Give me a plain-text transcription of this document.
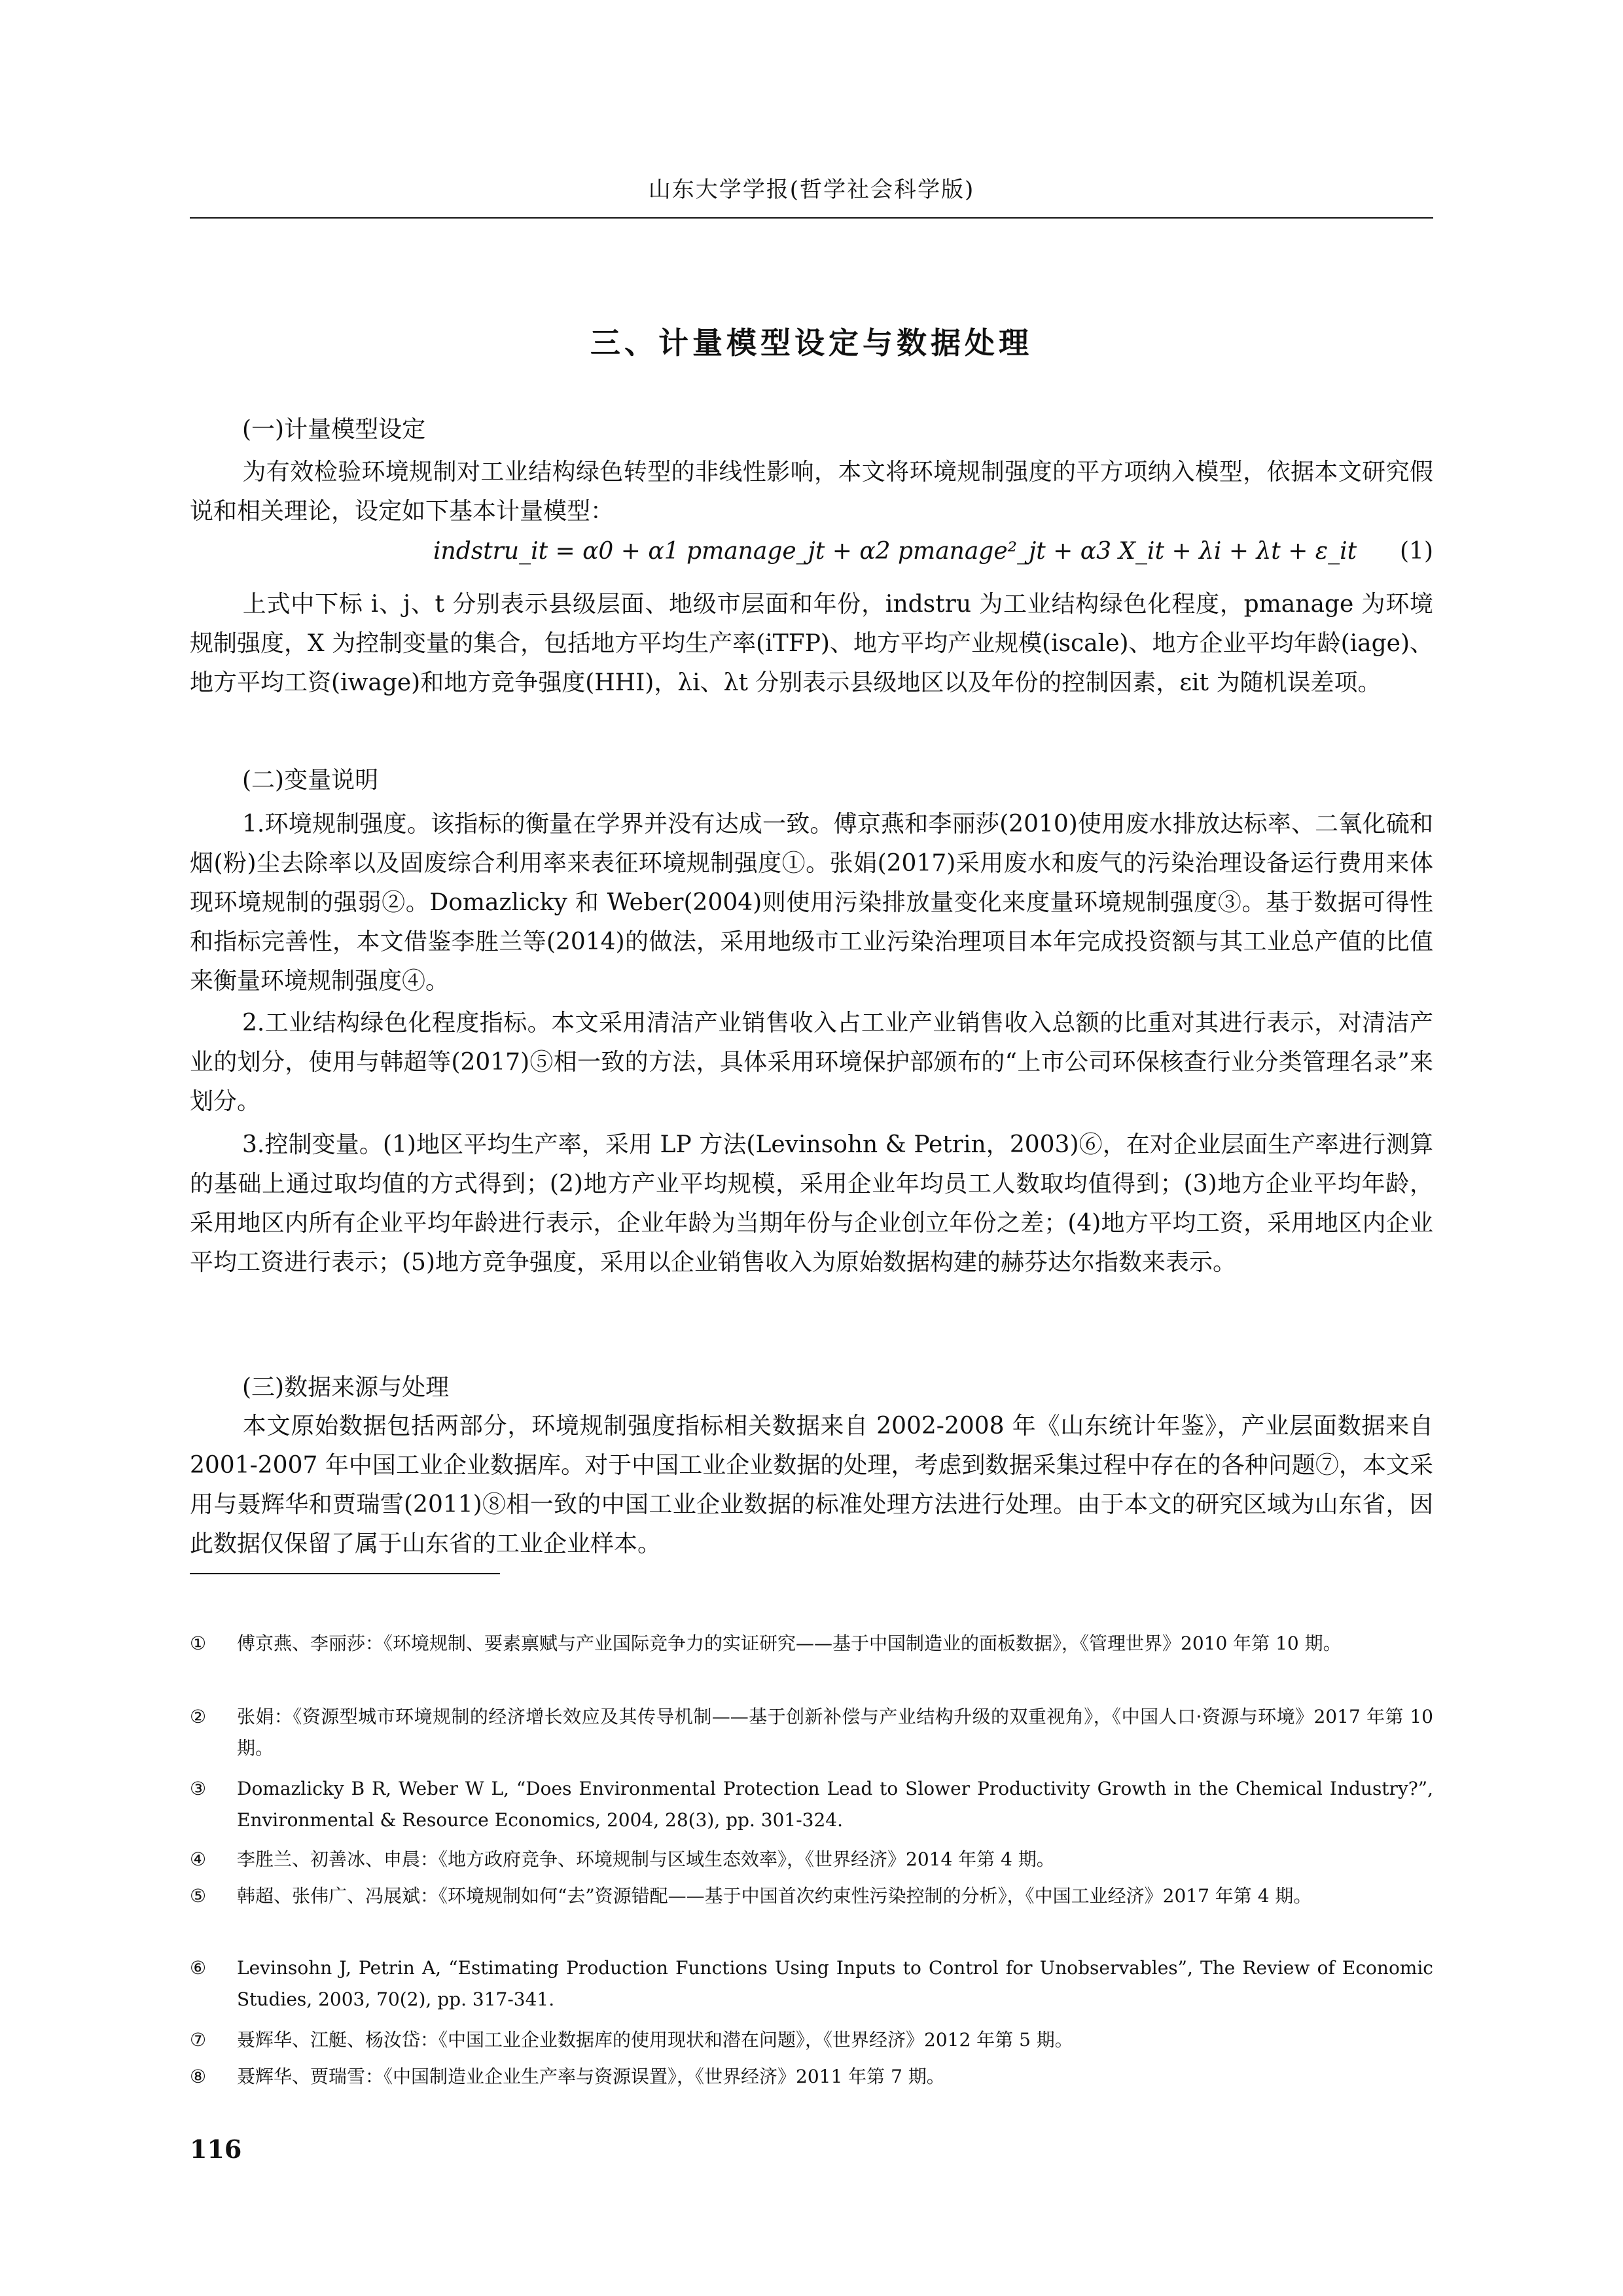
山东大学学报(哲学社会科学版)
三、计量模型设定与数据处理
(一)计量模型设定
为有效检验环境规制对工业结构绿色转型的非线性影响，本文将环境规制强度的平方项纳入模型，依据本文研究假说和相关理论，设定如下基本计量模型：
indstru_it = α0 + α1 pmanage_jt + α2 pmanage²_jt + α3 X_it + λi + λt + ε_it (1)
上式中下标 i、j、t 分别表示县级层面、地级市层面和年份，indstru 为工业结构绿色化程度，pmanage 为环境规制强度，X 为控制变量的集合，包括地方平均生产率(iTFP)、地方平均产业规模(iscale)、地方企业平均年龄(iage)、地方平均工资(iwage)和地方竞争强度(HHI)，λi、λt 分别表示县级地区以及年份的控制因素，εit 为随机误差项。
(二)变量说明
1.环境规制强度。该指标的衡量在学界并没有达成一致。傅京燕和李丽莎(2010)使用废水排放达标率、二氧化硫和烟(粉)尘去除率以及固废综合利用率来表征环境规制强度①。张娟(2017)采用废水和废气的污染治理设备运行费用来体现环境规制的强弱②。Domazlicky 和 Weber(2004)则使用污染排放量变化来度量环境规制强度③。基于数据可得性和指标完善性，本文借鉴李胜兰等(2014)的做法，采用地级市工业污染治理项目本年完成投资额与其工业总产值的比值来衡量环境规制强度④。
2.工业结构绿色化程度指标。本文采用清洁产业销售收入占工业产业销售收入总额的比重对其进行表示，对清洁产业的划分，使用与韩超等(2017)⑤相一致的方法，具体采用环境保护部颁布的“上市公司环保核查行业分类管理名录”来划分。
3.控制变量。(1)地区平均生产率，采用 LP 方法(Levinsohn & Petrin，2003)⑥，在对企业层面生产率进行测算的基础上通过取均值的方式得到；(2)地方产业平均规模，采用企业年均员工人数取均值得到；(3)地方企业平均年龄，采用地区内所有企业平均年龄进行表示，企业年龄为当期年份与企业创立年份之差；(4)地方平均工资，采用地区内企业平均工资进行表示；(5)地方竞争强度，采用以企业销售收入为原始数据构建的赫芬达尔指数来表示。
(三)数据来源与处理
本文原始数据包括两部分，环境规制强度指标相关数据来自 2002-2008 年《山东统计年鉴》，产业层面数据来自 2001-2007 年中国工业企业数据库。对于中国工业企业数据的处理，考虑到数据采集过程中存在的各种问题⑦，本文采用与聂辉华和贾瑞雪(2011)⑧相一致的中国工业企业数据的标准处理方法进行处理。由于本文的研究区域为山东省，因此数据仅保留了属于山东省的工业企业样本。
①	傅京燕、李丽莎：《环境规制、要素禀赋与产业国际竞争力的实证研究——基于中国制造业的面板数据》，《管理世界》2010 年第 10 期。
②	张娟：《资源型城市环境规制的经济增长效应及其传导机制——基于创新补偿与产业结构升级的双重视角》，《中国人口·资源与环境》2017 年第 10 期。
③	Domazlicky B R, Weber W L, “Does Environmental Protection Lead to Slower Productivity Growth in the Chemical Industry?”, Environmental & Resource Economics, 2004, 28(3), pp. 301-324.
④	李胜兰、初善冰、申晨：《地方政府竞争、环境规制与区域生态效率》，《世界经济》2014 年第 4 期。
⑤	韩超、张伟广、冯展斌：《环境规制如何“去”资源错配——基于中国首次约束性污染控制的分析》，《中国工业经济》2017 年第 4 期。
⑥	Levinsohn J, Petrin A, “Estimating Production Functions Using Inputs to Control for Unobservables”, The Review of Economic Studies, 2003, 70(2), pp. 317-341.
⑦	聂辉华、江艇、杨汝岱：《中国工业企业数据库的使用现状和潜在问题》，《世界经济》2012 年第 5 期。
⑧	聂辉华、贾瑞雪：《中国制造业企业生产率与资源误置》，《世界经济》2011 年第 7 期。
116
